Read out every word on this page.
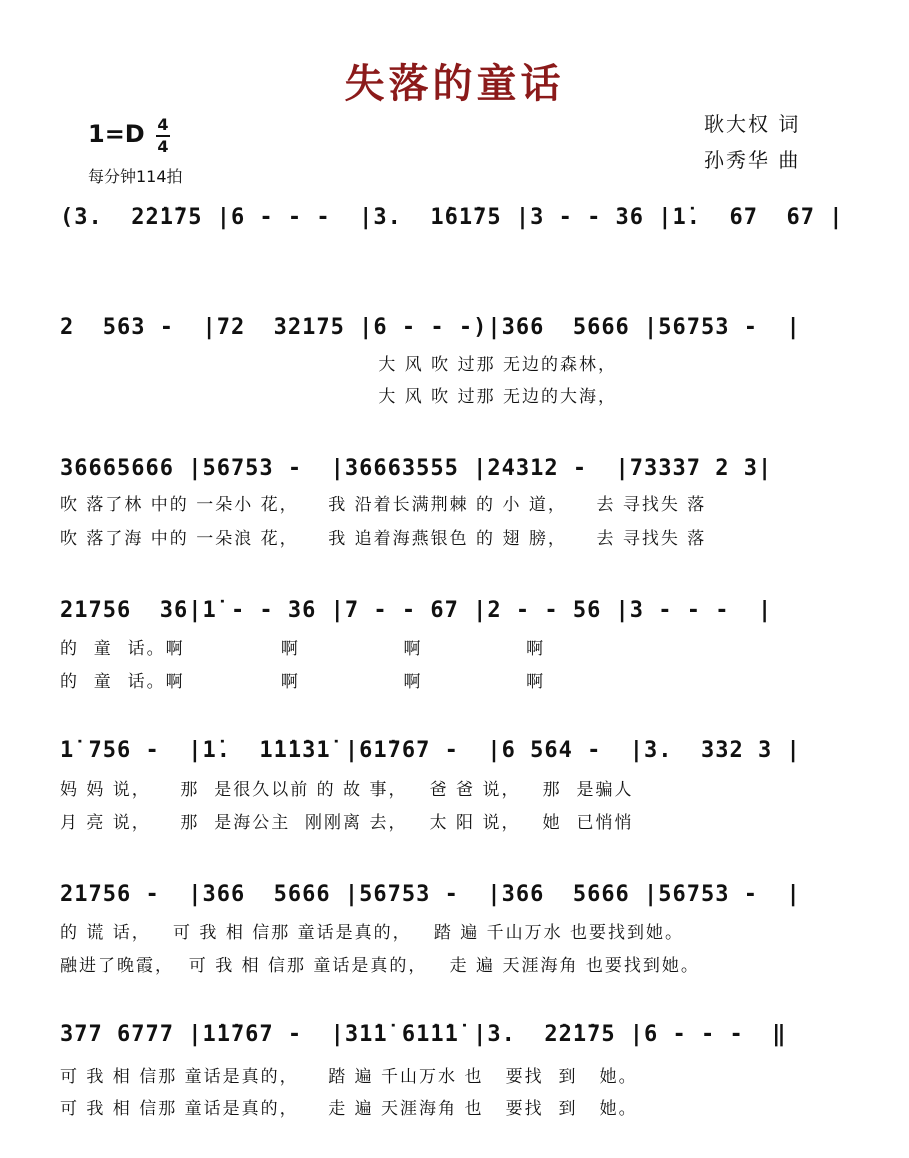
失落的童话
1=D 4
4
每分钟114拍
耿大权 词
孙秀华 曲
(3.  2̇2̇1̇75 |6 - - -  |3.  1̇61̇75 |3 - - 36 |1̇.  67  67 |
2  563 -  |72  32175 |6 - - -)|366  5666 |56753 -  |
大 风 吹 过那 无边的森林，
大 风 吹 过那 无边的大海，
36665666 |56753 -  |36663555 |24312 -  |73337 2 3|
吹 落了林 中的 一朵小 花，    我 沿着长满荆棘 的 小 道，    去 寻找失 落
吹 落了海 中的 一朵浪 花，    我 追着海燕银色 的 翅 膀，    去 寻找失 落
21756  36|1̇ - - 36 |7 - - 67 |2 - - 56 |3 - - -  |
的  童  话。啊             啊              啊              啊
的  童  话。啊             啊              啊              啊
1̇ 756 -  |1̇.  1̇1̇1̇31̇ |61̇767 -  |6 564 -  |3.  332 3 |
妈 妈 说，    那  是很久以前 的 故 事，   爸 爸 说，   那  是骗人
月 亮 说，    那  是海公主  刚刚离 去，   太 阳 说，   她  已悄悄
21756 -  |366  5666 |56753 -  |366  5666 |56753 -  |
的 谎 话，   可 我 相 信那 童话是真的，   踏 遍 千山万水 也要找到她。
融进了晚霞，  可 我 相 信那 童话是真的，   走 遍 天涯海角 也要找到她。
377 6777 |1̇1̇767 -  |31̇1̇ 61̇1̇1̇ |3.  2̇2̇1̇75 |6 - - -  ‖
可 我 相 信那 童话是真的，    踏 遍 千山万水 也   要找  到   她。
可 我 相 信那 童话是真的，    走 遍 天涯海角 也   要找  到   她。
